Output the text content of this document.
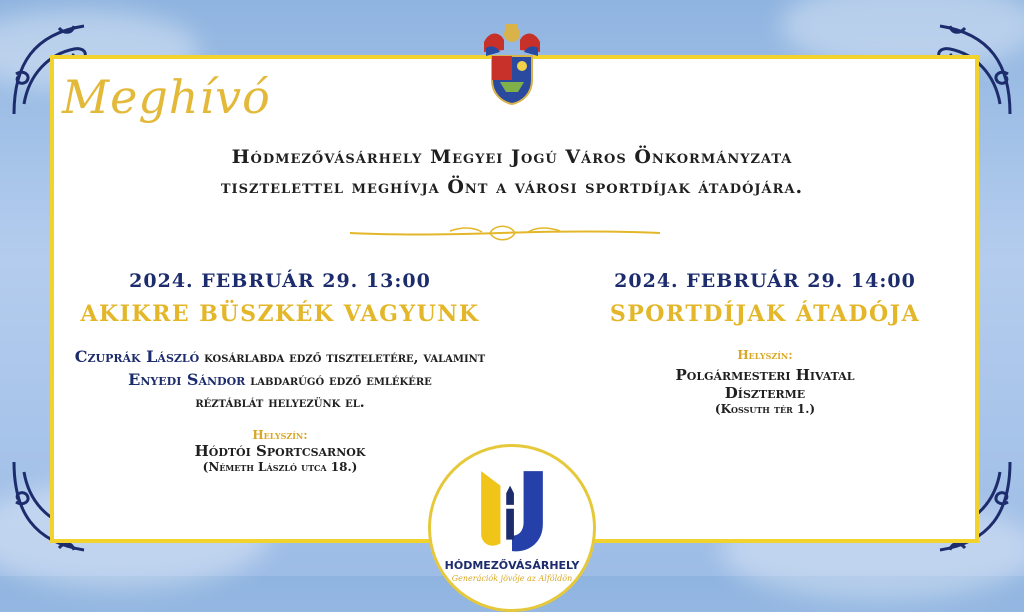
Meghívó
Hódmezővásárhely Megyei Jogú Város Önkormányzata
tisztelettel meghívja Önt a városi sportdíjak átadójára.
2024. FEBRUÁR 29. 13:00
AKIKRE BÜSZKÉK VAGYUNK
Czuprák László kosárlabda edző tiszteletére, valamint
Enyedi Sándor labdarúgó edző emlékére
réztáblát helyezünk el.
Helyszín:
Hódtói Sportcsarnok
(Németh László utca 18.)
2024. FEBRUÁR 29. 14:00
SPORTDÍJAK ÁTADÓJA
Helyszín:
Polgármesteri Hivatal
Díszterme
(Kossuth tér 1.)
HÓDMEZŐVÁSÁRHELY
Generációk jövője az Alföldön
